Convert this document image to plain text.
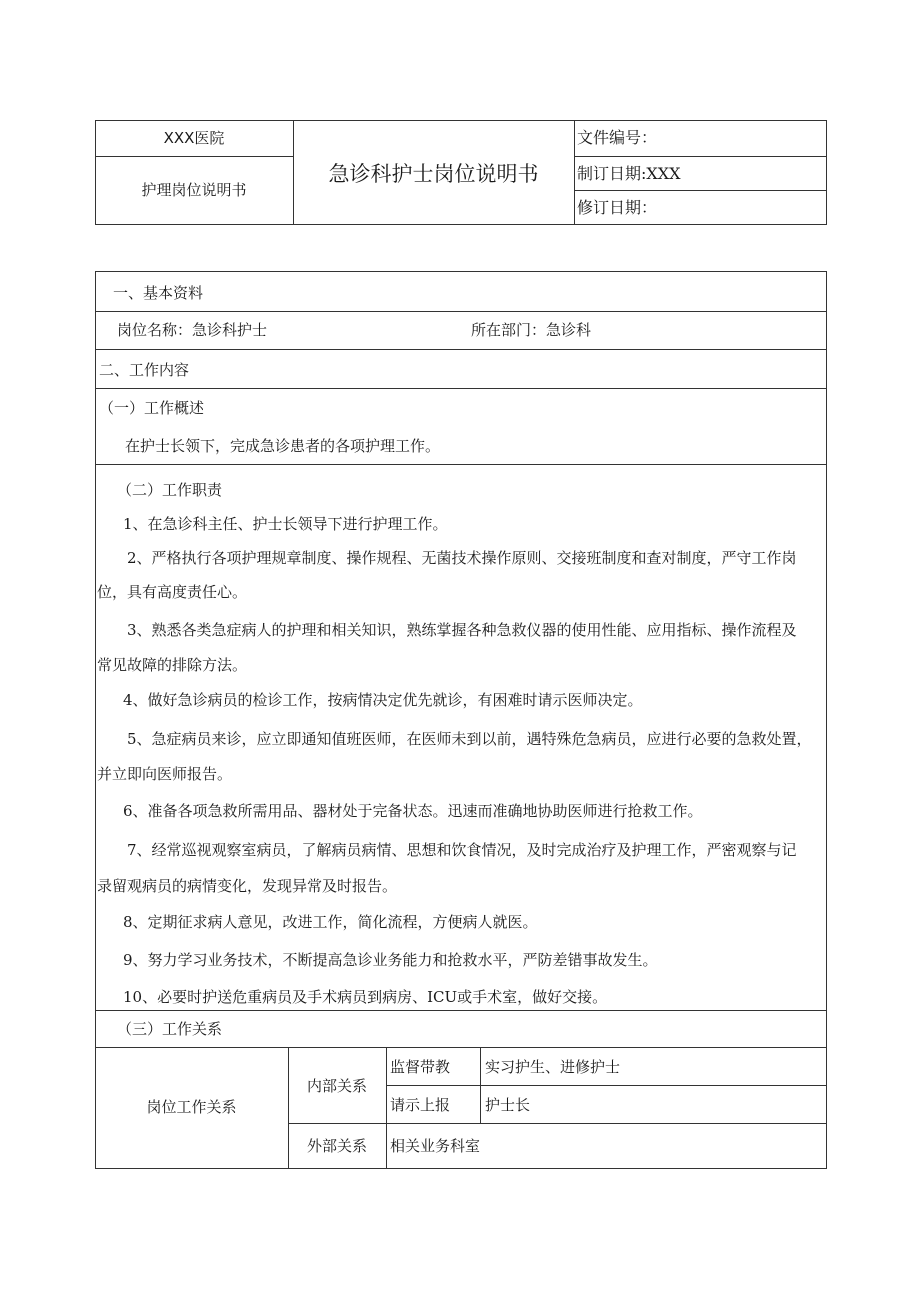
XXX医院
护理岗位说明书
急诊科护士岗位说明书
文件编号：
制订日期:XXX
修订日期：
一、基本资料
岗位名称：急诊科护士	所在部门：急诊科
二、工作内容
（一）工作概述
在护士长领下，完成急诊患者的各项护理工作。
（二）工作职责
1、在急诊科主任、护士长领导下进行护理工作。
2、严格执行各项护理规章制度、操作规程、无菌技术操作原则、交接班制度和查对制度，严守工作岗
位，具有高度责任心。
3、熟悉各类急症病人的护理和相关知识，熟练掌握各种急救仪器的使用性能、应用指标、操作流程及
常见故障的排除方法。
4、做好急诊病员的检诊工作，按病情决定优先就诊，有困难时请示医师决定。
5、急症病员来诊，应立即通知值班医师，在医师未到以前，遇特殊危急病员，应进行必要的急救处置，
并立即向医师报告。
6、准备各项急救所需用品、器材处于完备状态。迅速而准确地协助医师进行抢救工作。
7、经常巡视观察室病员，了解病员病情、思想和饮食情况，及时完成治疗及护理工作，严密观察与记
录留观病员的病情变化，发现异常及时报告。
8、定期征求病人意见，改进工作，简化流程，方便病人就医。
9、努力学习业务技术，不断提高急诊业务能力和抢救水平，严防差错事故发生。
10、必要时护送危重病员及手术病员到病房、ICU或手术室，做好交接。
（三）工作关系
岗位工作关系
内部关系
外部关系
监督带教 实习护生、进修护士
请示上报 护士长
相关业务科室
